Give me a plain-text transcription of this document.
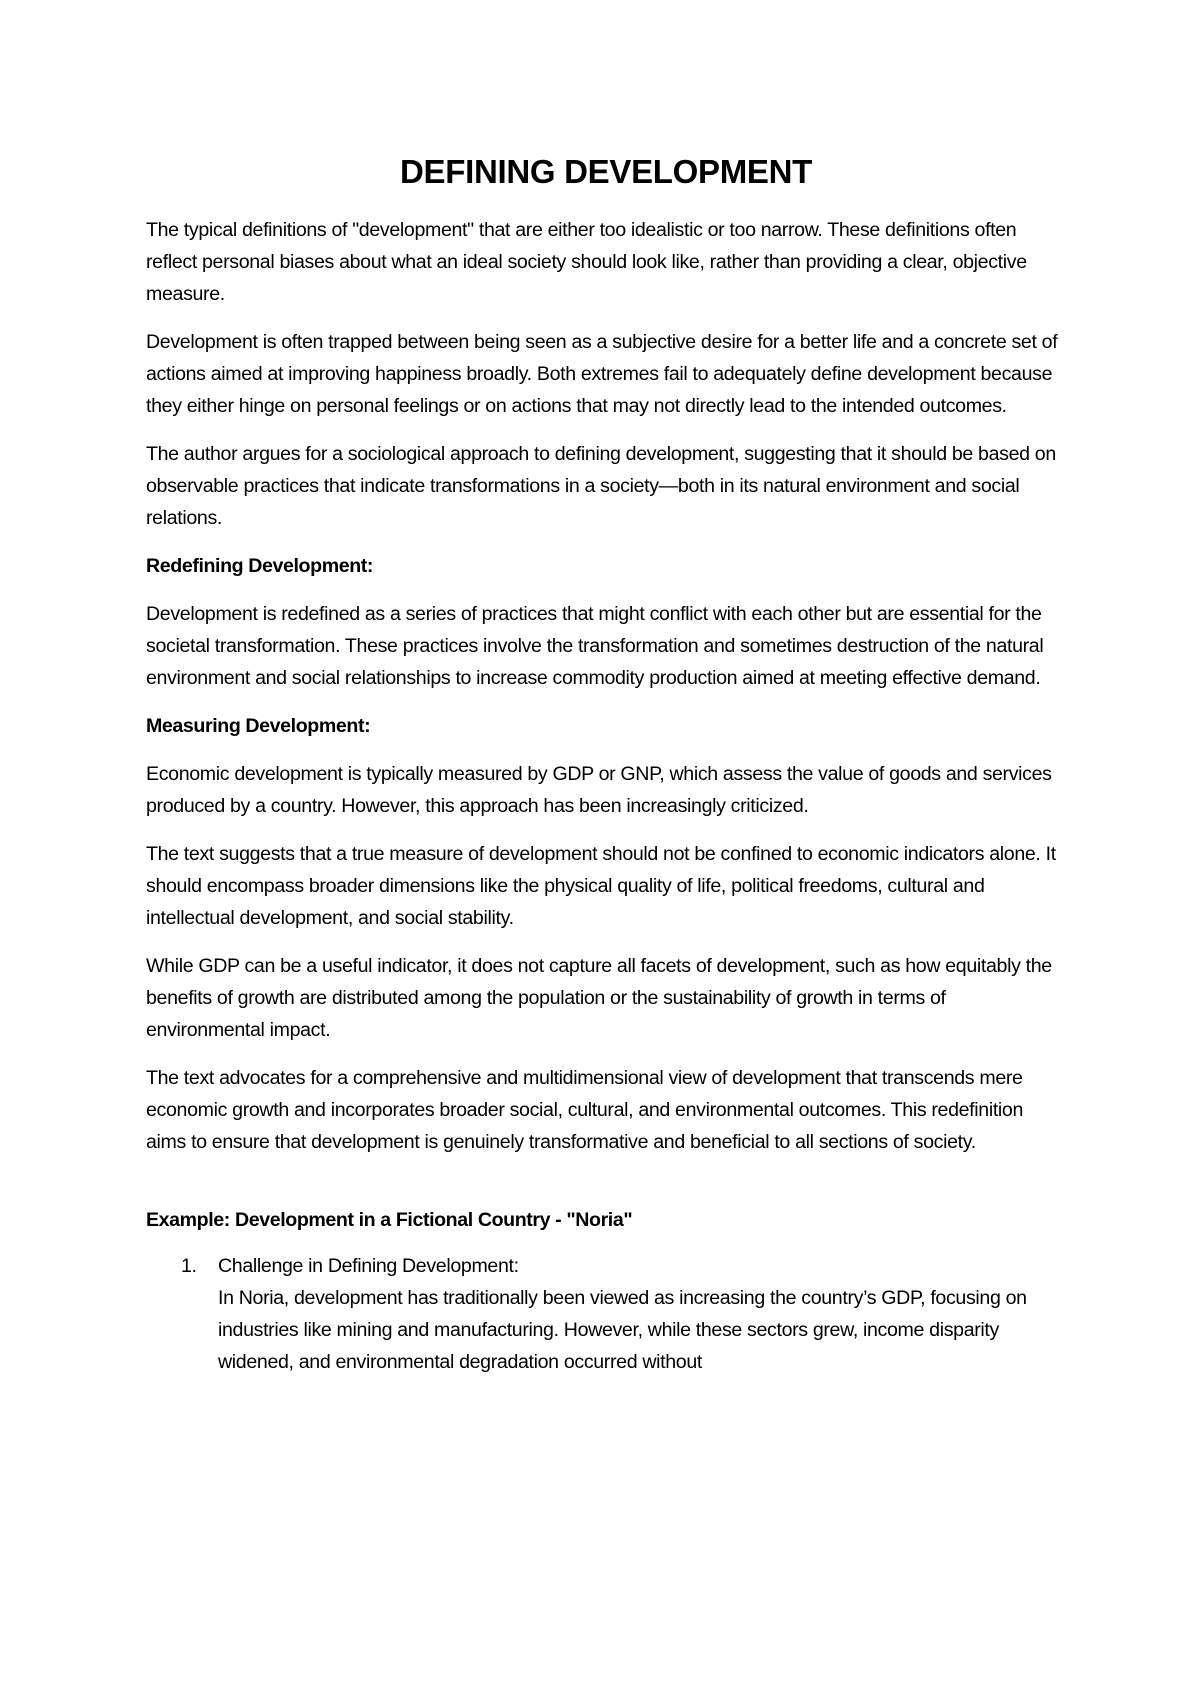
DEFINING DEVELOPMENT

The typical definitions of "development" that are either too idealistic or too narrow. These definitions often reflect personal biases about what an ideal society should look like, rather than providing a clear, objective measure.

Development is often trapped between being seen as a subjective desire for a better life and a concrete set of actions aimed at improving happiness broadly. Both extremes fail to adequately define development because they either hinge on personal feelings or on actions that may not directly lead to the intended outcomes.

The author argues for a sociological approach to defining development, suggesting that it should be based on observable practices that indicate transformations in a society—both in its natural environment and social relations.

Redefining Development:

Development is redefined as a series of practices that might conflict with each other but are essential for the societal transformation. These practices involve the transformation and sometimes destruction of the natural environment and social relationships to increase commodity production aimed at meeting effective demand.

Measuring Development:

Economic development is typically measured by GDP or GNP, which assess the value of goods and services produced by a country. However, this approach has been increasingly criticized.

The text suggests that a true measure of development should not be confined to economic indicators alone. It should encompass broader dimensions like the physical quality of life, political freedoms, cultural and intellectual development, and social stability.

While GDP can be a useful indicator, it does not capture all facets of development, such as how equitably the benefits of growth are distributed among the population or the sustainability of growth in terms of environmental impact.

The text advocates for a comprehensive and multidimensional view of development that transcends mere economic growth and incorporates broader social, cultural, and environmental outcomes. This redefinition aims to ensure that development is genuinely transformative and beneficial to all sections of society.

Example: Development in a Fictional Country - "Noria"
1. Challenge in Defining Development:
In Noria, development has traditionally been viewed as increasing the country’s GDP, focusing on industries like mining and manufacturing. However, while these sectors grew, income disparity widened, and environmental degradation occurred without
